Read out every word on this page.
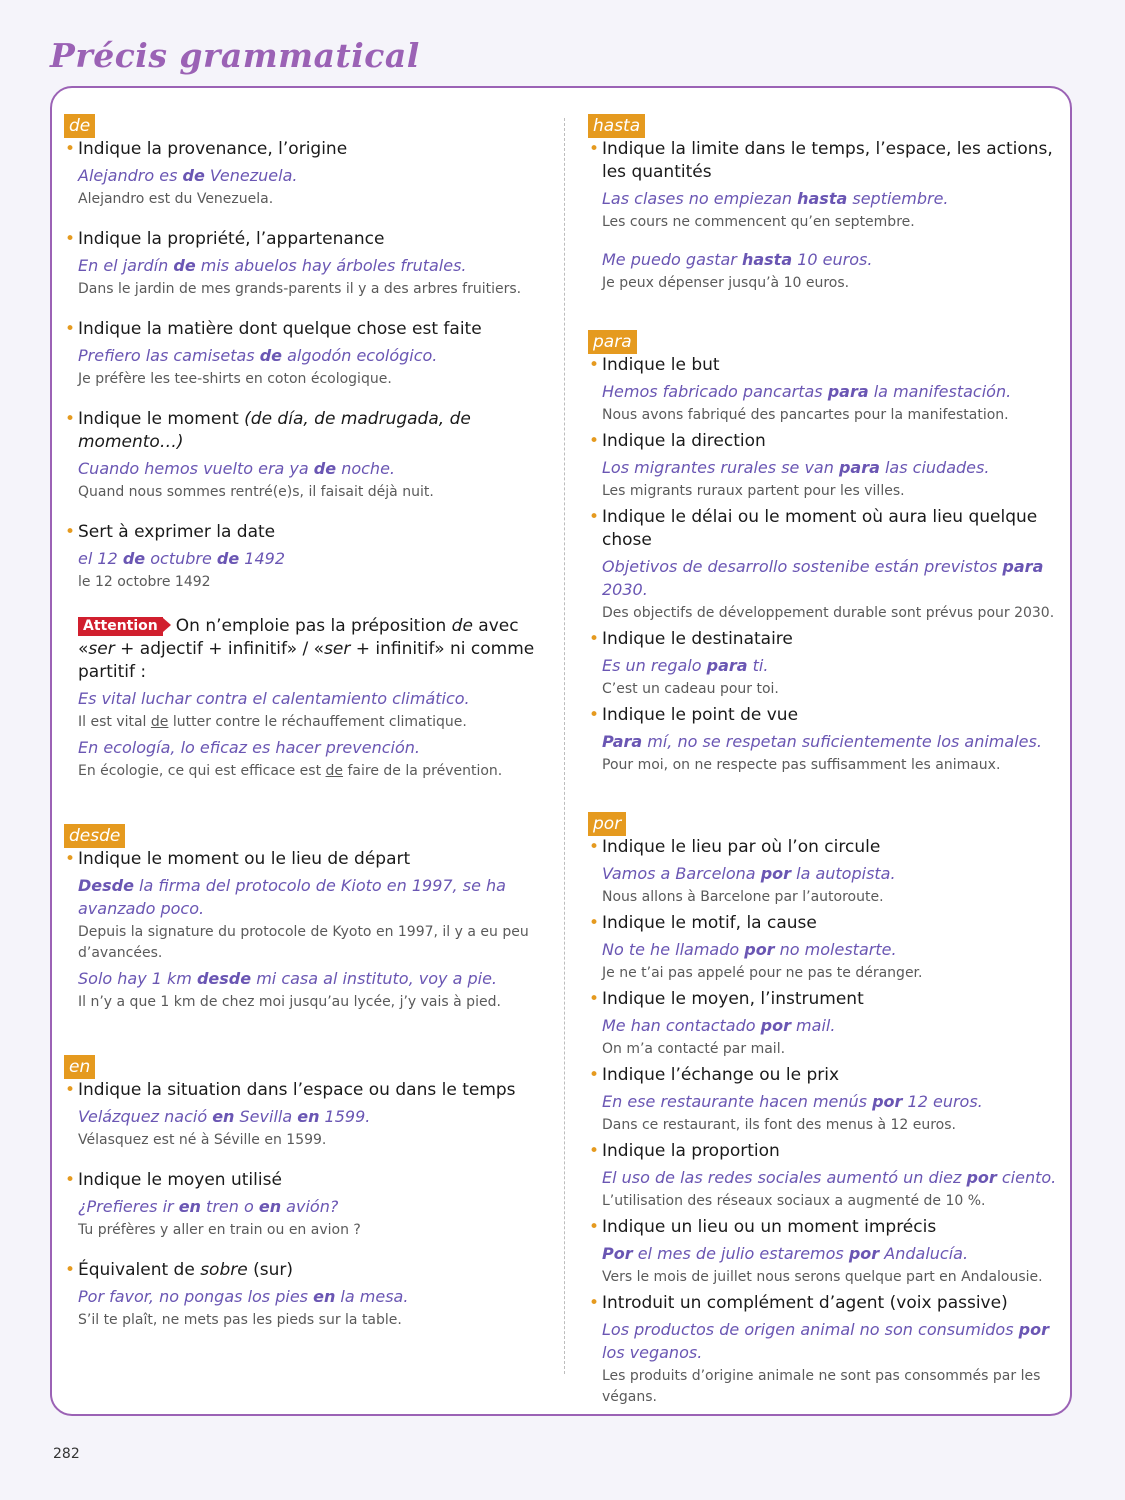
Précis grammatical
de
• Indique la provenance, l’origine
Alejandro es de Venezuela.
Alejandro est du Venezuela.
• Indique la propriété, l’appartenance
En el jardín de mis abuelos hay árboles frutales.
Dans le jardin de mes grands-parents il y a des arbres fruitiers.
• Indique la matière dont quelque chose est faite
Prefiero las camisetas de algodón ecológico.
Je préfère les tee-shirts en coton écologique.
• Indique le moment (de día, de madrugada, de momento…)
Cuando hemos vuelto era ya de noche.
Quand nous sommes rentré(e)s, il faisait déjà nuit.
• Sert à exprimer la date
el 12 de octubre de 1492
le 12 octobre 1492
Attention On n’emploie pas la préposition de avec «ser + adjectif + infinitif» / «ser + infinitif» ni comme partitif :
Es vital luchar contra el calentamiento climático.
Il est vital de lutter contre le réchauffement climatique.
En ecología, lo eficaz es hacer prevención.
En écologie, ce qui est efficace est de faire de la prévention.
desde
• Indique le moment ou le lieu de départ
Desde la firma del protocolo de Kioto en 1997, se ha avanzado poco.
Depuis la signature du protocole de Kyoto en 1997, il y a eu peu d’avancées.
Solo hay 1 km desde mi casa al instituto, voy a pie.
Il n’y a que 1 km de chez moi jusqu’au lycée, j’y vais à pied.
en
• Indique la situation dans l’espace ou dans le temps
Velázquez nació en Sevilla en 1599.
Vélasquez est né à Séville en 1599.
• Indique le moyen utilisé
¿Prefieres ir en tren o en avión?
Tu préfères y aller en train ou en avion ?
• Équivalent de sobre (sur)
Por favor, no pongas los pies en la mesa.
S’il te plaît, ne mets pas les pieds sur la table.
hasta
• Indique la limite dans le temps, l’espace, les actions, les quantités
Las clases no empiezan hasta septiembre.
Les cours ne commencent qu’en septembre.
Me puedo gastar hasta 10 euros.
Je peux dépenser jusqu’à 10 euros.
para
• Indique le but
Hemos fabricado pancartas para la manifestación.
Nous avons fabriqué des pancartes pour la manifestation.
• Indique la direction
Los migrantes rurales se van para las ciudades.
Les migrants ruraux partent pour les villes.
• Indique le délai ou le moment où aura lieu quelque chose
Objetivos de desarrollo sostenibe están previstos para 2030.
Des objectifs de développement durable sont prévus pour 2030.
• Indique le destinataire
Es un regalo para ti.
C’est un cadeau pour toi.
• Indique le point de vue
Para mí, no se respetan suficientemente los animales.
Pour moi, on ne respecte pas suffisamment les animaux.
por
• Indique le lieu par où l’on circule
Vamos a Barcelona por la autopista.
Nous allons à Barcelone par l’autoroute.
• Indique le motif, la cause
No te he llamado por no molestarte.
Je ne t’ai pas appelé pour ne pas te déranger.
• Indique le moyen, l’instrument
Me han contactado por mail.
On m’a contacté par mail.
• Indique l’échange ou le prix
En ese restaurante hacen menús por 12 euros.
Dans ce restaurant, ils font des menus à 12 euros.
• Indique la proportion
El uso de las redes sociales aumentó un diez por ciento.
L’utilisation des réseaux sociaux a augmenté de 10 %.
• Indique un lieu ou un moment imprécis
Por el mes de julio estaremos por Andalucía.
Vers le mois de juillet nous serons quelque part en Andalousie.
• Introduit un complément d’agent (voix passive)
Los productos de origen animal no son consumidos por los veganos.
Les produits d’origine animale ne sont pas consommés par les végans.
282
